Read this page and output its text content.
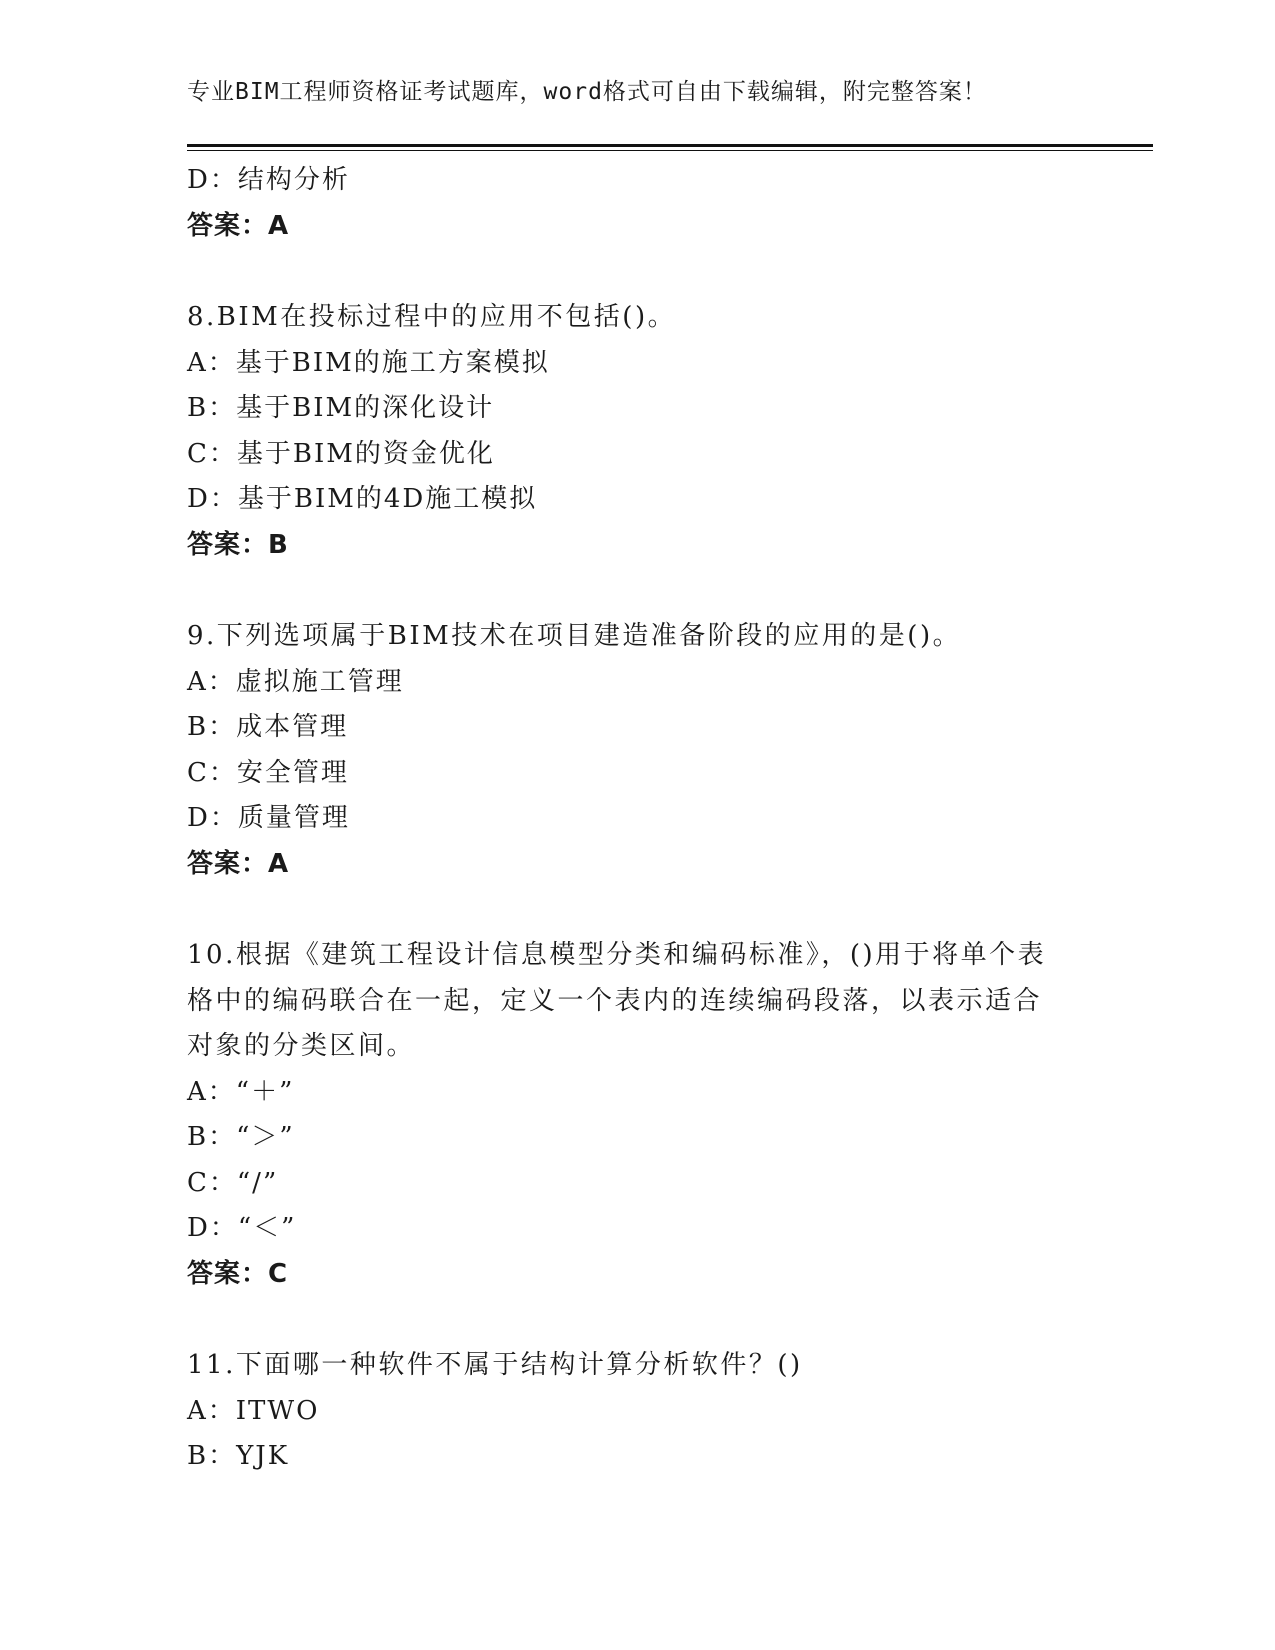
专业BIM工程师资格证考试题库，word格式可自由下载编辑，附完整答案！
D：结构分析
答案：A
8.BIM在投标过程中的应用不包括()。
A：基于BIM的施工方案模拟
B：基于BIM的深化设计
C：基于BIM的资金优化
D：基于BIM的4D施工模拟
答案：B
9.下列选项属于BIM技术在项目建造准备阶段的应用的是()。
A：虚拟施工管理
B：成本管理
C：安全管理
D：质量管理
答案：A
10.根据《建筑工程设计信息模型分类和编码标准》，()用于将单个表
格中的编码联合在一起，定义一个表内的连续编码段落，以表示适合
对象的分类区间。
A：“＋”
B：“＞”
C：“/”
D：“＜”
答案：C
11.下面哪一种软件不属于结构计算分析软件？()
A：ITWO
B：YJK
